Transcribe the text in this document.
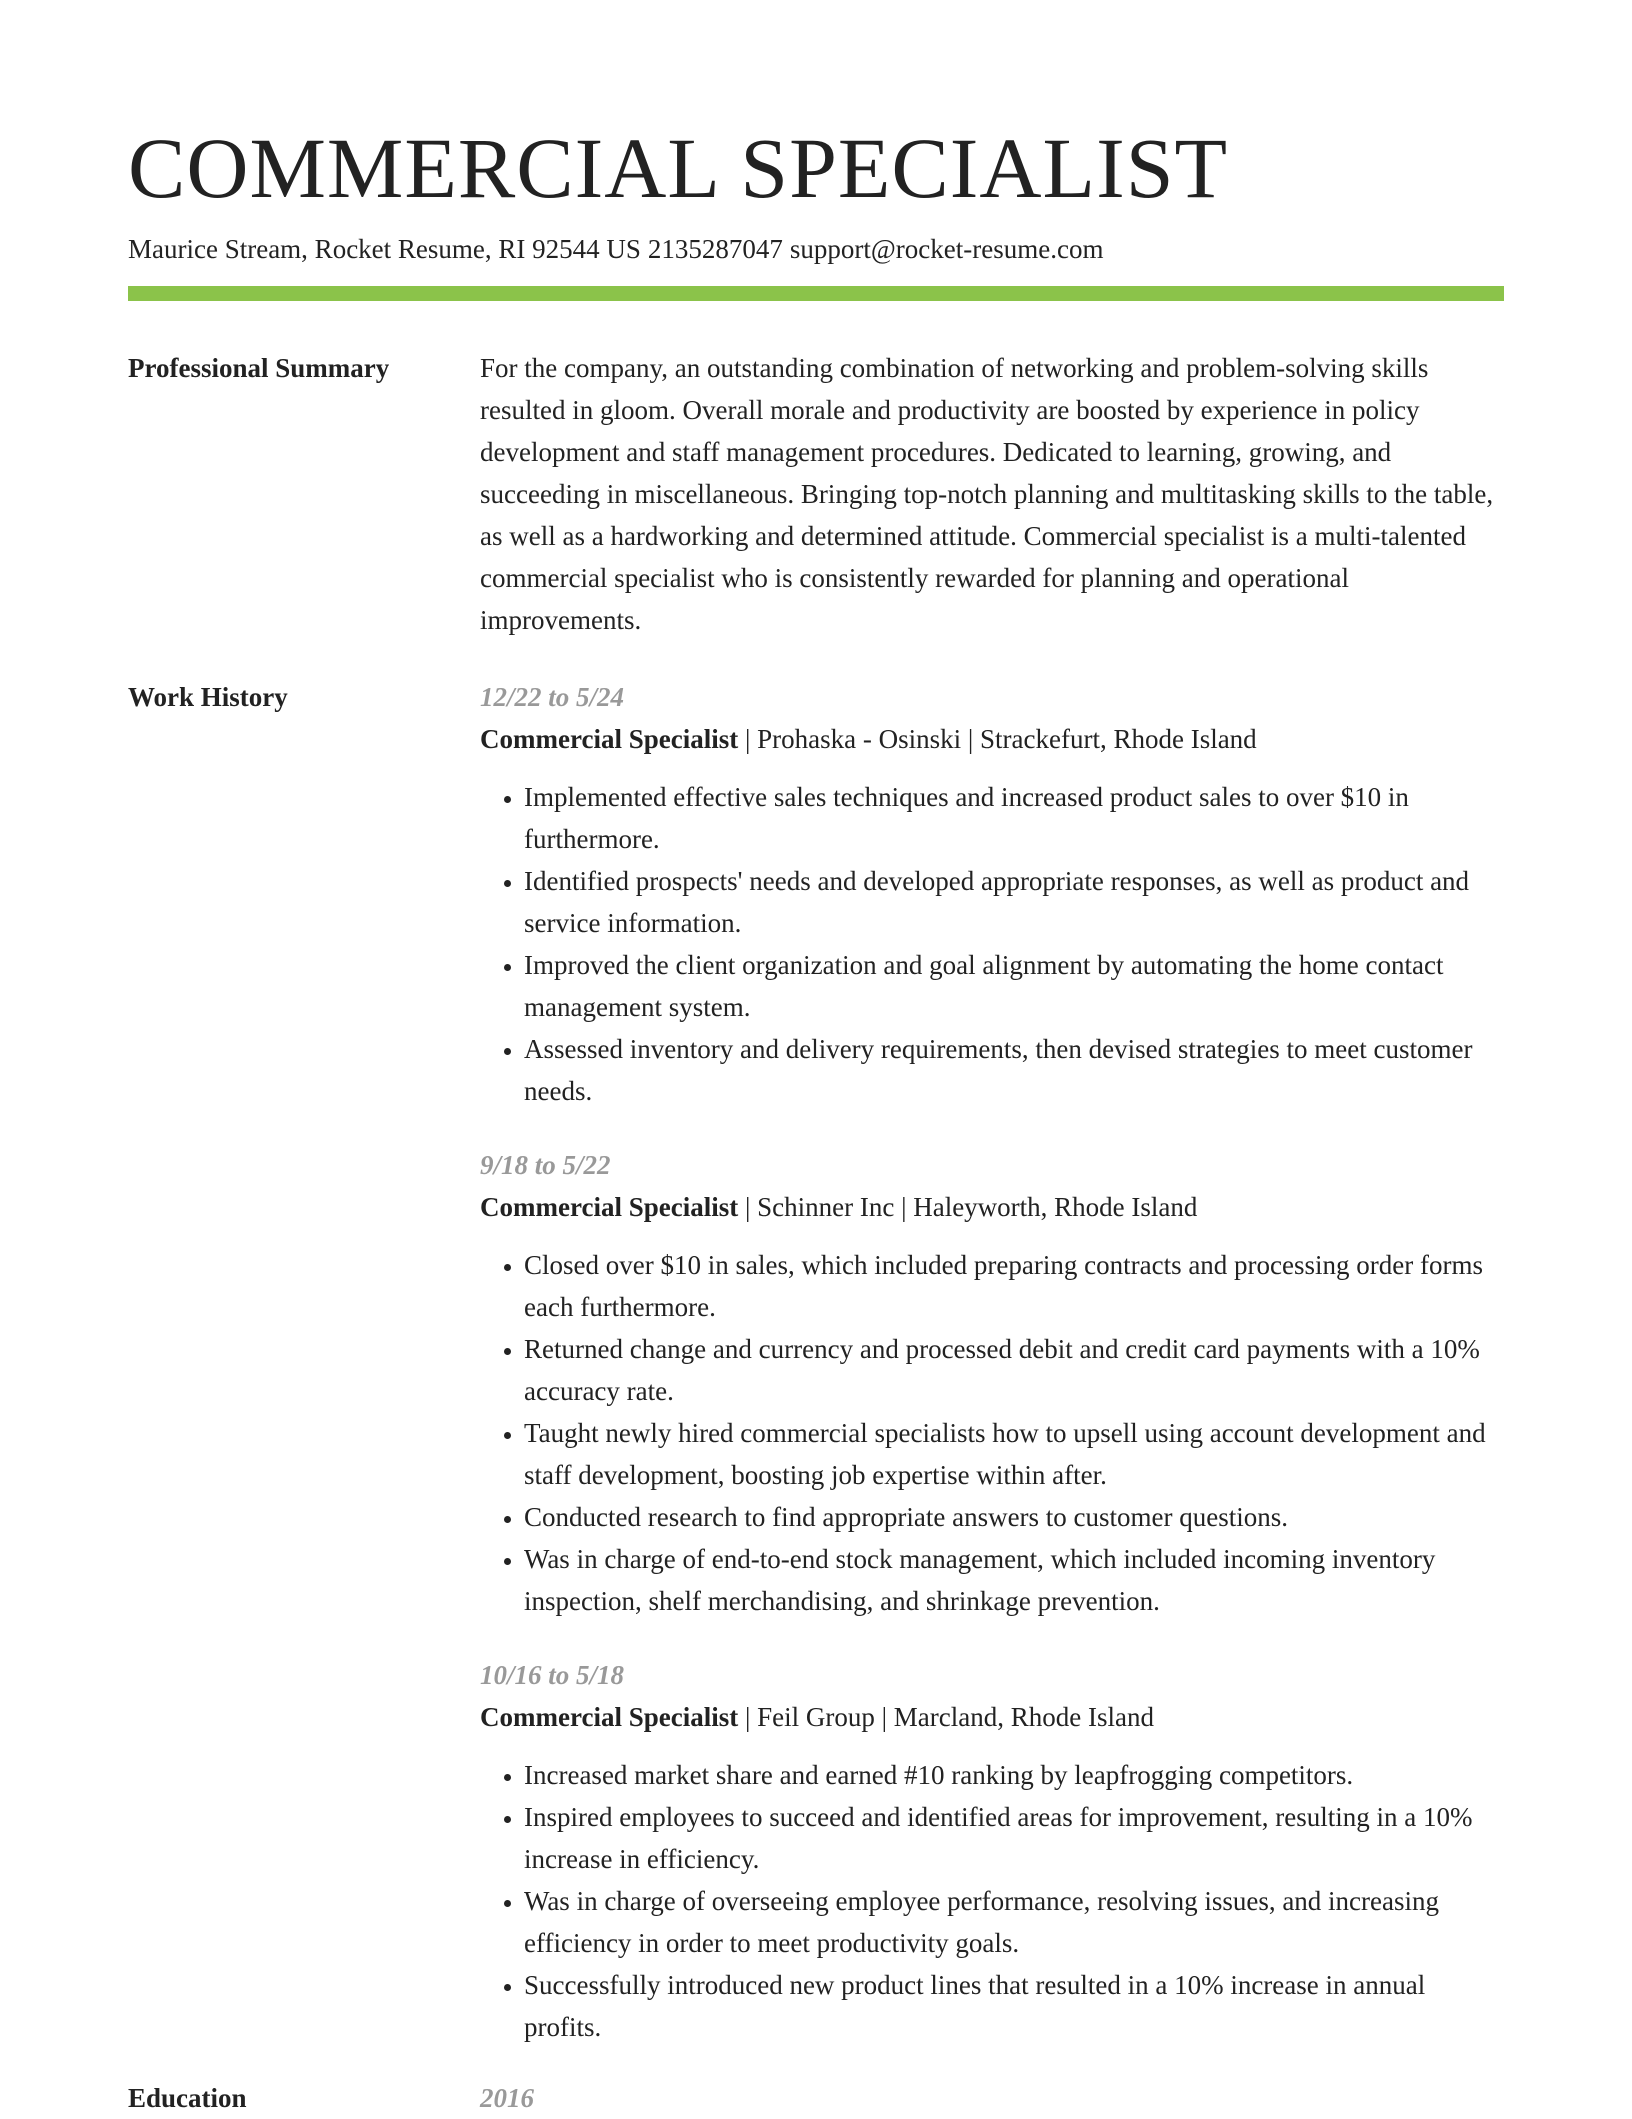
COMMERCIAL SPECIALIST
Maurice Stream, Rocket Resume, RI 92544 US 2135287047 support@rocket-resume.com
Professional Summary	For the company, an outstanding combination of networking and problem-solving skills resulted in gloom. Overall morale and productivity are boosted by experience in policy development and staff management procedures. Dedicated to learning, growing, and succeeding in miscellaneous. Bringing top-notch planning and multitasking skills to the table, as well as a hardworking and determined attitude. Commercial specialist is a multi-talented commercial specialist who is consistently rewarded for planning and operational improvements.

Work History	12/22 to 5/24
Commercial Specialist | Prohaska - Osinski | Strackefurt, Rhode Island
• Implemented effective sales techniques and increased product sales to over $10 in furthermore.
• Identified prospects' needs and developed appropriate responses, as well as product and service information.
• Improved the client organization and goal alignment by automating the home contact management system.
• Assessed inventory and delivery requirements, then devised strategies to meet customer needs.
9/18 to 5/22
Commercial Specialist | Schinner Inc | Haleyworth, Rhode Island
• Closed over $10 in sales, which included preparing contracts and processing order forms each furthermore.
• Returned change and currency and processed debit and credit card payments with a 10% accuracy rate.
• Taught newly hired commercial specialists how to upsell using account development and staff development, boosting job expertise within after.
• Conducted research to find appropriate answers to customer questions.
• Was in charge of end-to-end stock management, which included incoming inventory inspection, shelf merchandising, and shrinkage prevention.
10/16 to 5/18
Commercial Specialist | Feil Group | Marcland, Rhode Island
• Increased market share and earned #10 ranking by leapfrogging competitors.
• Inspired employees to succeed and identified areas for improvement, resulting in a 10% increase in efficiency.
• Was in charge of overseeing employee performance, resolving issues, and increasing efficiency in order to meet productivity goals.
• Successfully introduced new product lines that resulted in a 10% increase in annual profits.
Education	2016
